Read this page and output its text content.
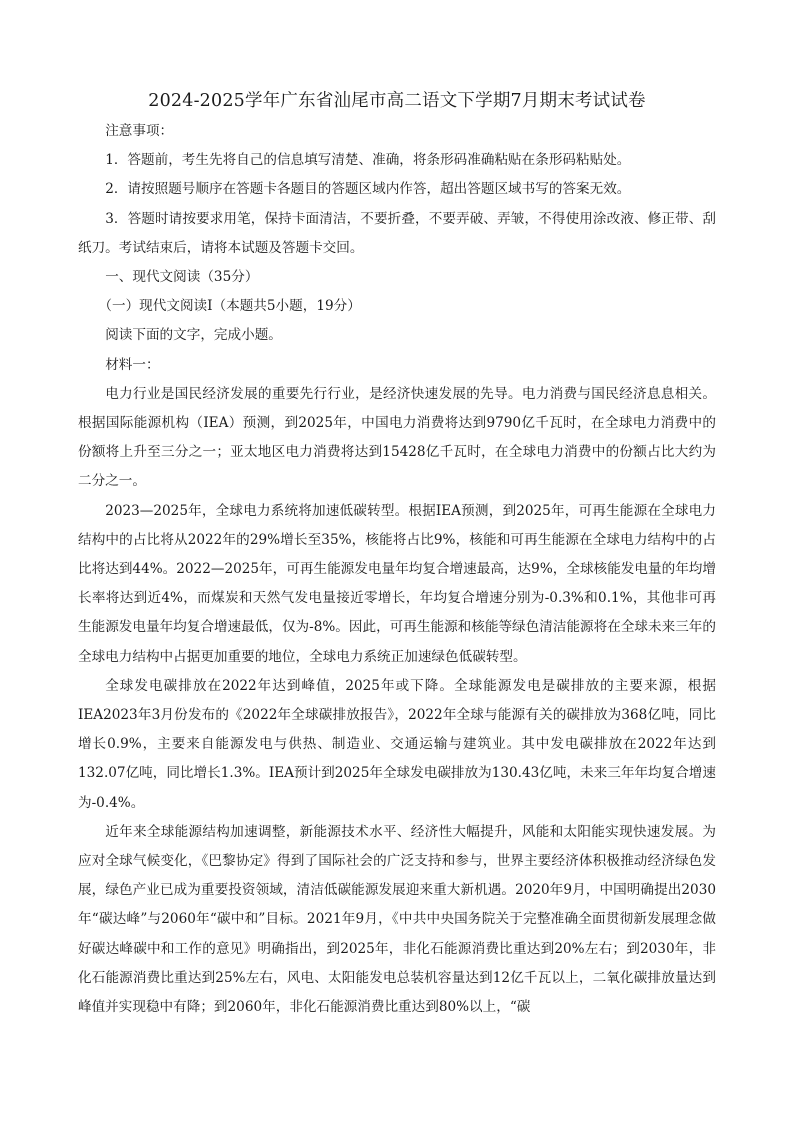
2024-2025学年广东省汕尾市高二语文下学期7月期末考试试卷

注意事项：

1．答题前，考生先将自己的信息填写清楚、准确，将条形码准确粘贴在条形码粘贴处。

2．请按照题号顺序在答题卡各题目的答题区域内作答，超出答题区域书写的答案无效。

3．答题时请按要求用笔，保持卡面清洁，不要折叠，不要弄破、弄皱，不得使用涂改液、修正带、刮纸刀。考试结束后，请将本试题及答题卡交回。

一、现代文阅读（35分）

（一）现代文阅读Ⅰ（本题共5小题，19分）

阅读下面的文字，完成小题。

材料一：

电力行业是国民经济发展的重要先行行业，是经济快速发展的先导。电力消费与国民经济息息相关。根据国际能源机构（IEA）预测，到2025年，中国电力消费将达到9790亿千瓦时，在全球电力消费中的份额将上升至三分之一；亚太地区电力消费将达到15428亿千瓦时，在全球电力消费中的份额占比大约为二分之一。

2023—2025年，全球电力系统将加速低碳转型。根据IEA预测，到2025年，可再生能源在全球电力结构中的占比将从2022年的29%增长至35%，核能将占比9%，核能和可再生能源在全球电力结构中的占比将达到44%。2022—2025年，可再生能源发电量年均复合增速最高，达9%，全球核能发电量的年均增长率将达到近4%，而煤炭和天然气发电量接近零增长，年均复合增速分别为-0.3%和0.1%，其他非可再生能源发电量年均复合增速最低，仅为-8%。因此，可再生能源和核能等绿色清洁能源将在全球未来三年的全球电力结构中占据更加重要的地位，全球电力系统正加速绿色低碳转型。

全球发电碳排放在2022年达到峰值，2025年或下降。全球能源发电是碳排放的主要来源，根据IEA2023年3月份发布的《2022年全球碳排放报告》，2022年全球与能源有关的碳排放为368亿吨，同比增长0.9%，主要来自能源发电与供热、制造业、交通运输与建筑业。其中发电碳排放在2022年达到132.07亿吨，同比增长1.3%。IEA预计到2025年全球发电碳排放为130.43亿吨，未来三年年均复合增速为-0.4%。

近年来全球能源结构加速调整，新能源技术水平、经济性大幅提升，风能和太阳能实现快速发展。为应对全球气候变化，《巴黎协定》得到了国际社会的广泛支持和参与，世界主要经济体积极推动经济绿色发展，绿色产业已成为重要投资领域，清洁低碳能源发展迎来重大新机遇。2020年9月，中国明确提出2030年“碳达峰”与2060年“碳中和”目标。2021年9月，《中共中央国务院关于完整准确全面贯彻新发展理念做好碳达峰碳中和工作的意见》明确指出，到2025年，非化石能源消费比重达到20%左右；到2030年，非化石能源消费比重达到25%左右，风电、太阳能发电总装机容量达到12亿千瓦以上，二氧化碳排放量达到峰值并实现稳中有降；到2060年，非化石能源消费比重达到80%以上，“碳
